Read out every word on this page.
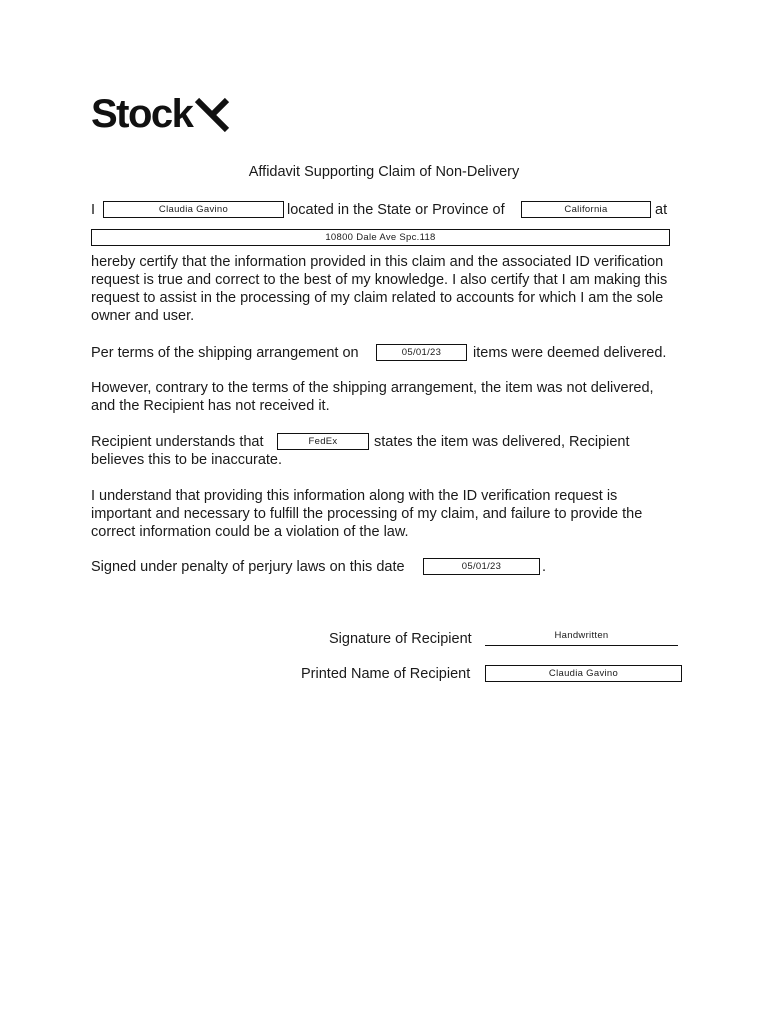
Stock
Affidavit Supporting Claim of Non-Delivery
I	Claudia Gavino	located in the State or Province of	California	at
10800 Dale Ave Spc.118
hereby certify that the information provided in this claim and the associated ID verification request is true and correct to the best of my knowledge. I also certify that I am making this request to assist in the processing of my claim related to accounts for which I am the sole owner and user.
Per terms of the shipping arrangement on	05/01/23	items were deemed delivered.
However, contrary to the terms of the shipping arrangement, the item was not delivered, and the Recipient has not received it.
Recipient understands that	FedEx	states the item was delivered, Recipient
believes this to be inaccurate.
I understand that providing this information along with the ID verification request is important and necessary to fulfill the processing of my claim, and failure to provide the correct information could be a violation of the law.
Signed under penalty of perjury laws on this date	05/01/23	.
Signature of Recipient	Handwritten
Printed Name of Recipient	Claudia Gavino
